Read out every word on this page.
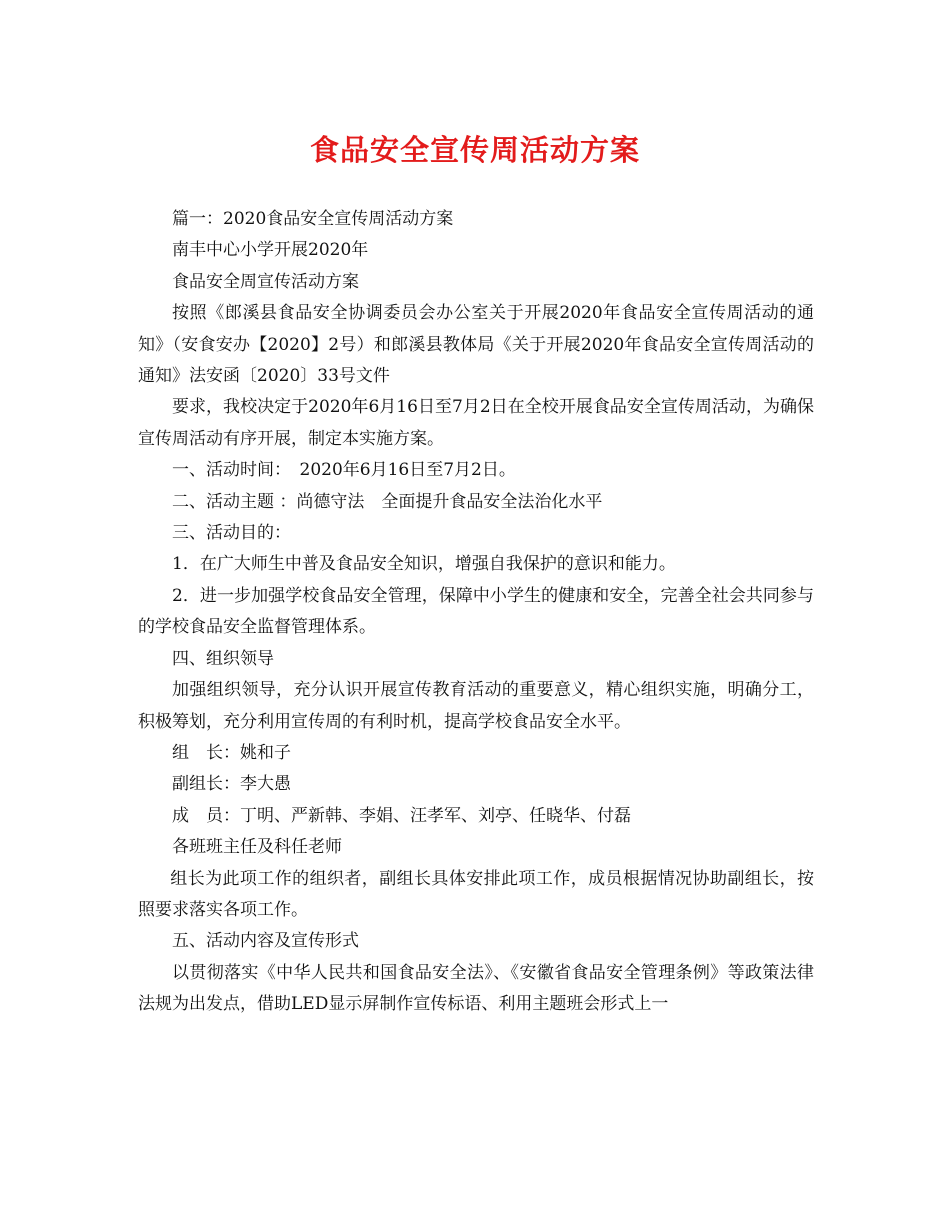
食品安全宣传周活动方案

篇一：2020食品安全宣传周活动方案

南丰中心小学开展2020年

食品安全周宣传活动方案

按照《郎溪县食品安全协调委员会办公室关于开展2020年食品安全宣传周活动的通知》（安食安办【2020】2号）和郎溪县教体局《关于开展2020年食品安全宣传周活动的通知》法安函〔2020〕33号文件

要求，我校决定于2020年6月16日至7月2日在全校开展食品安全宣传周活动，为确保宣传周活动有序开展，制定本实施方案。

一、活动时间：　2020年6月16日至7月2日。

二、活动主题 ：尚德守法　全面提升食品安全法治化水平

三、活动目的：

1．在广大师生中普及食品安全知识，增强自我保护的意识和能力。

2．进一步加强学校食品安全管理，保障中小学生的健康和安全，完善全社会共同参与的学校食品安全监督管理体系。

四、组织领导

加强组织领导，充分认识开展宣传教育活动的重要意义，精心组织实施，明确分工，积极筹划，充分利用宣传周的有利时机，提高学校食品安全水平。

组　长：姚和子

副组长：李大愚

成　员：丁明、严新韩、李娟、汪孝军、刘亭、任晓华、付磊

各班班主任及科任老师

组长为此项工作的组织者，副组长具体安排此项工作，成员根据情况协助副组长，按照要求落实各项工作。

五、活动内容及宣传形式

以贯彻落实《中华人民共和国食品安全法》、《安徽省食品安全管理条例》等政策法律法规为出发点，借助LED显示屏制作宣传标语、利用主题班会形式上一
